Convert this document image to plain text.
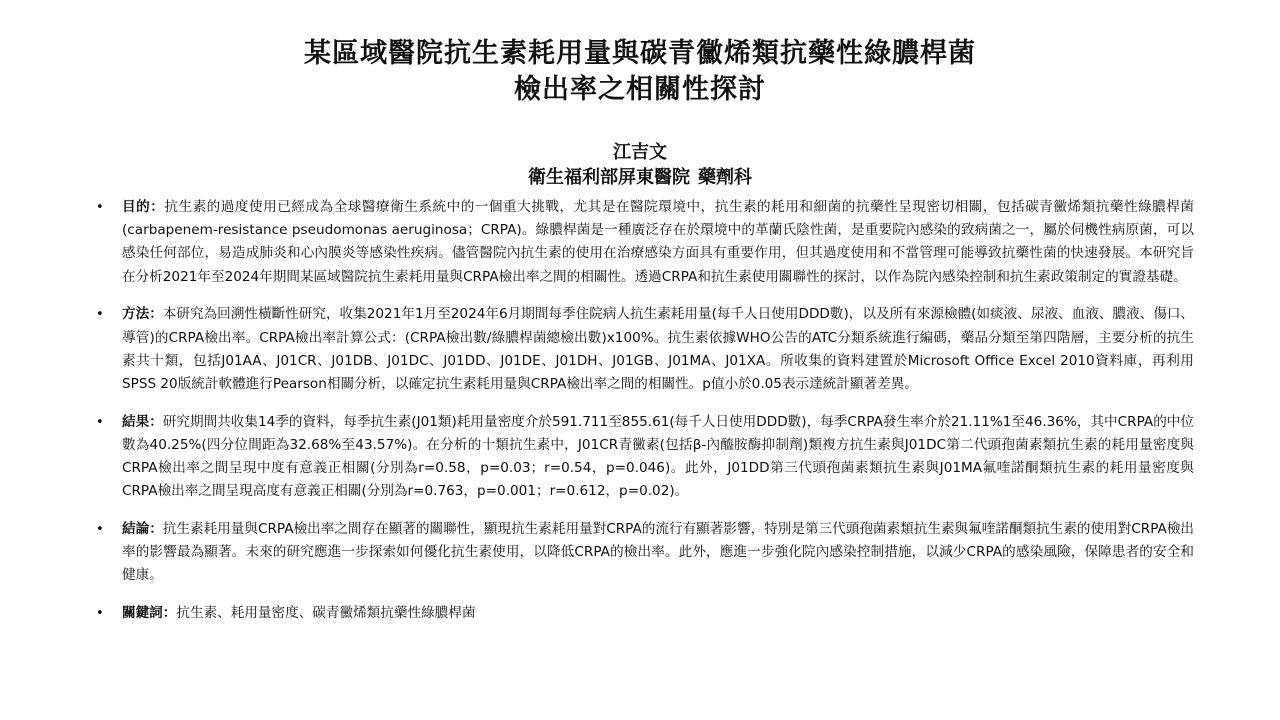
某區域醫院抗生素耗用量與碳青黴烯類抗藥性綠膿桿菌
檢出率之相關性探討
江吉文
衛生福利部屏東醫院 藥劑科
• 目的：抗生素的過度使用已經成為全球醫療衛生系統中的一個重大挑戰，尤其是在醫院環境中，抗生素的耗用和細菌的抗藥性呈現密切相關，包括碳青黴烯類抗藥性綠膿桿菌(carbapenem-resistance pseudomonas aeruginosa；CRPA)。綠膿桿菌是一種廣泛存在於環境中的革蘭氏陰性菌，是重要院內感染的致病菌之一，屬於伺機性病原菌，可以感染任何部位，易造成肺炎和心內膜炎等感染性疾病。儘管醫院內抗生素的使用在治療感染方面具有重要作用，但其過度使用和不當管理可能導致抗藥性菌的快速發展。本研究旨在分析2021年至2024年期間某區域醫院抗生素耗用量與CRPA檢出率之間的相關性。透過CRPA和抗生素使用關聯性的探討，以作為院內感染控制和抗生素政策制定的實證基礎。
• 方法：本研究為回溯性橫斷性研究，收集2021年1月至2024年6月期間每季住院病人抗生素耗用量(每千人日使用DDD數)，以及所有來源檢體(如痰液、尿液、血液、膿液、傷口、導管)的CRPA檢出率。CRPA檢出率計算公式：(CRPA檢出數/綠膿桿菌總檢出數)x100%。抗生素依據WHO公告的ATC分類系統進行編碼，藥品分類至第四階層，主要分析的抗生素共十類，包括J01AA、J01CR、J01DB、J01DC、J01DD、J01DE、J01DH、J01GB、J01MA、J01XA。所收集的資料建置於Microsoft Office Excel 2010資料庫，再利用SPSS 20版統計軟體進行Pearson相關分析，以確定抗生素耗用量與CRPA檢出率之間的相關性。p值小於0.05表示達統計顯著差異。
• 結果：研究期間共收集14季的資料，每季抗生素(J01類)耗用量密度介於591.711至855.61(每千人日使用DDD數)，每季CRPA發生率介於21.11%1至46.36%，其中CRPA的中位數為40.25%(四分位間距為32.68%至43.57%)。在分析的十類抗生素中，J01CR青黴素(包括β-內醯胺酶抑制劑)類複方抗生素與J01DC第二代頭孢菌素類抗生素的耗用量密度與CRPA檢出率之間呈現中度有意義正相關(分別為r=0.58，p=0.03；r=0.54，p=0.046)。此外，J01DD第三代頭孢菌素類抗生素與J01MA氟喹諾酮類抗生素的耗用量密度與CRPA檢出率之間呈現高度有意義正相關(分別為r=0.763，p=0.001；r=0.612，p=0.02)。
• 結論：抗生素耗用量與CRPA檢出率之間存在顯著的關聯性，顯現抗生素耗用量對CRPA的流行有顯著影響，特別是第三代頭孢菌素類抗生素與氟喹諾酮類抗生素的使用對CRPA檢出率的影響最為顯著。未來的研究應進一步探索如何優化抗生素使用，以降低CRPA的檢出率。此外，應進一步強化院內感染控制措施，以減少CRPA的感染風險，保障患者的安全和健康。
• 關鍵詞：抗生素、耗用量密度、碳青黴烯類抗藥性綠膿桿菌
